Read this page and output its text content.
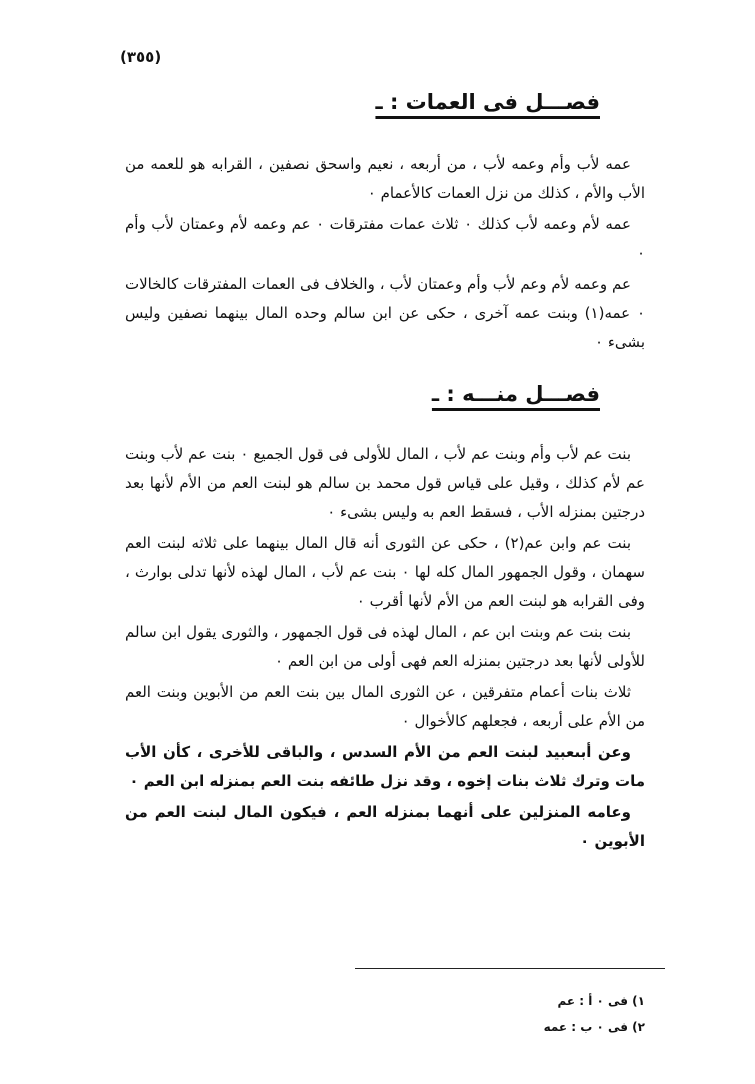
(٣٥٥)
فصـــل فى العمات : ـ

عمه لأب وأم وعمه لأب ، من أربعه ، نعيم واسحق نصفين ، القرابه هو للعمه من الأب والأم ، كذلك من نزل العمات كالأعمام ٠

عمه لأم وعمه لأب كذلك ٠ ثلاث عمات مفترقات ٠ عم وعمه لأم وعمتان لأب وأم ٠

عم وعمه لأم وعم لأب وأم وعمتان لأب ، والخلاف فى العمات المفترقات كالخالات ٠ عمه(١) وبنت عمه آخرى ، حكى عن ابن سالم وحده المال بينهما نصفين وليس بشىء ٠

فصـــل منـــه : ـ

بنت عم لأب وأم وبنت عم لأب ، المال للأولى فى قول الجميع ٠ بنت عم لأب وبنت عم لأم كذلك ، وقيل على قياس قول محمد بن سالم هو لبنت العم من الأم لأنها بعد درجتين بمنزله الأب ، فسقط العم به وليس بشىء ٠

بنت عم وابن عم(٢) ، حكى عن الثورى أنه قال المال بينهما على ثلاثه لبنت العم سهمان ، وقول الجمهور المال كله لها ٠ بنت عم لأب ، المال لهذه لأنها تدلى بوارث ، وفى القرابه هو لبنت العم من الأم لأنها أقرب ٠

بنت بنت عم وبنت ابن عم ، المال لهذه فى قول الجمهور ، والثورى يقول ابن سالم للأولى لأنها بعد درجتين بمنزله العم فهى أولى من ابن العم ٠

ثلاث بنات أعمام متفرقين ، عن الثورى المال بين بنت العم من الأبوين وبنت العم من الأم على أربعه ، فجعلهم كالأخوال ٠

وعن أبىعبيد لبنت العم من الأم السدس ، والباقى للأخرى ، كأن الأب مات وترك ثلاث بنات إخوه ، وقد نزل طائفه بنت العم بمنزله ابن العم ٠

وعامه المنزلين على أنهما بمنزله العم ، فيكون المال لبنت العم من الأبوين ٠

١) فى ٠ أ : عم
٢) فى ٠ ب : عمه
